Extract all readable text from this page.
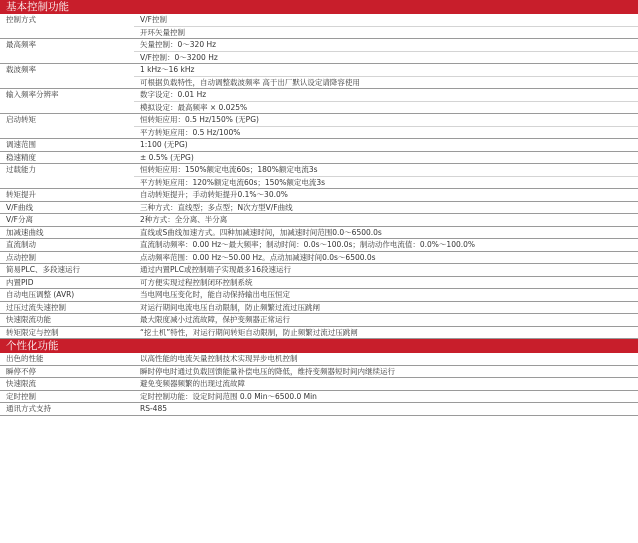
基本控制功能
控制方式	V/F控制
	开环矢量控制
最高频率	矢量控制：0～320 Hz
	V/F控制：0～3200 Hz
载波频率	1 kHz～16 kHz
	可根据负载特性，自动调整载波频率 高于出厂默认设定请降容使用
输入频率分辨率	数字设定：0.01 Hz
	模拟设定：最高频率 × 0.025%
启动转矩	恒转矩应用：0.5 Hz/150% (无PG)
	平方转矩应用：0.5 Hz/100%
调速范围	1:100 (无PG)
稳速精度	± 0.5% (无PG)
过载能力	恒转矩应用：150%额定电流60s；180%额定电流3s
	平方转矩应用：120%额定电流60s；150%额定电流3s
转矩提升	自动转矩提升；手动转矩提升0.1%～30.0%
V/F曲线	三种方式：直线型；多点型；N次方型V/F曲线
V/F分离	2种方式：全分离、半分离
加减速曲线	直线或S曲线加速方式。四种加减速时间，加减速时间范围0.0～6500.0s
直流制动	直流制动频率：0.00 Hz～最大频率；制动时间：0.0s～100.0s；制动动作电流值：0.0%～100.0%
点动控制	点动频率范围：0.00 Hz～50.00 Hz。点动加减速时间0.0s～6500.0s
简易PLC、多段速运行	通过内置PLC或控制端子实现最多16段速运行
内置PID	可方便实现过程控制闭环控制系统
自动电压调整 (AVR)	当电网电压变化时，能自动保持输出电压恒定
过压过流失速控制	对运行期间电流电压自动限制，防止频繁过流过压跳闸
快速限流功能	最大限度减小过流故障，保护变频器正常运行
转矩限定与控制	“挖土机”特性，对运行期间转矩自动限制，防止频繁过流过压跳闸
个性化功能
出色的性能	以高性能的电流矢量控制技术实现异步电机控制
瞬停不停	瞬时停电时通过负载回馈能量补偿电压的降低，维持变频器短时间内继续运行
快速限流	避免变频器频繁的出现过流故障
定时控制	定时控制功能：设定时间范围 0.0 Min～6500.0 Min
通讯方式支持	RS-485
